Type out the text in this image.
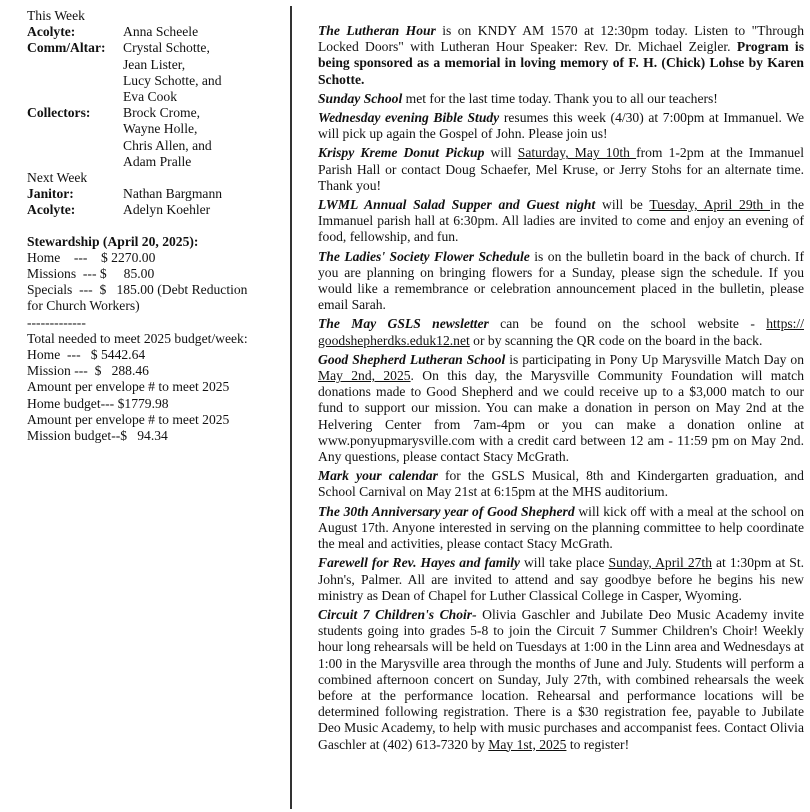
This Week
Acolyte:	Anna Scheele
Comm/Altar: Crystal Schotte,
Jean Lister,
Lucy Schotte, and
Eva Cook
Collectors: Brock Crome,
Wayne Holle,
Chris Allen, and
Adam Pralle
Next Week
Janitor:	Nathan Bargmann
Acolyte:	Adelyn Koehler
Stewardship (April 20, 2025):
Home    ---    $ 2270.00
Missions  --- $     85.00
Specials  ---  $   185.00 (Debt Reduction
for Church Workers)
-------------
Total needed to meet 2025 budget/week:
Home  ---   $ 5442.64
Mission ---  $   288.46
Amount per envelope # to meet 2025
Home budget--- $1779.98
Amount per envelope # to meet 2025
Mission budget--$   94.34
The Lutheran Hour is on KNDY AM 1570 at 12:30pm today. Listen to "Through Locked Doors" with Lutheran Hour Speaker: Rev. Dr. Michael Zeigler. Program is being sponsored as a memorial in loving memory of F. H. (Chick) Lohse by Karen Schotte.
Sunday School met for the last time today. Thank you to all our teachers!
Wednesday evening Bible Study resumes this week (4/30) at 7:00pm at Immanuel. We will pick up again the Gospel of John. Please join us!
Krispy Kreme Donut Pickup will Saturday, May 10th from 1-2pm at the Immanuel Parish Hall or contact Doug Schaefer, Mel Kruse, or Jerry Stohs for an alternate time. Thank you!
LWML Annual Salad Supper and Guest night will be Tuesday, April 29th in the Immanuel parish hall at 6:30pm. All ladies are invited to come and enjoy an evening of food, fellowship, and fun.
The Ladies' Society Flower Schedule is on the bulletin board in the back of church. If you are planning on bringing flowers for a Sunday, please sign the schedule. If you would like a remembrance or celebration announcement placed in the bulletin, please email Sarah.
The May GSLS newsletter can be found on the school website - https:// goodshepherdks.eduk12.net or by scanning the QR code on the board in the back.
Good Shepherd Lutheran School is participating in Pony Up Marysville Match Day on May 2nd, 2025. On this day, the Marysville Community Foundation will match donations made to Good Shepherd and we could receive up to a $3,000 match to our fund to support our mission. You can make a donation in person on May 2nd at the Helvering Center from 7am-4pm or you can make a donation online at www.ponyupmarysville.com with a credit card between 12 am - 11:59 pm on May 2nd. Any questions, please contact Stacy McGrath.
Mark your calendar for the GSLS Musical, 8th and Kindergarten graduation, and School Carnival on May 21st at 6:15pm at the MHS auditorium.
The 30th Anniversary year of Good Shepherd will kick off with a meal at the school on August 17th. Anyone interested in serving on the planning committee to help coordinate the meal and activities, please contact Stacy McGrath.
Farewell for Rev. Hayes and family will take place Sunday, April 27th at 1:30pm at St. John's, Palmer. All are invited to attend and say goodbye before he begins his new ministry as Dean of Chapel for Luther Classical College in Casper, Wyoming.
Circuit 7 Children's Choir- Olivia Gaschler and Jubilate Deo Music Academy invite students going into grades 5-8 to join the Circuit 7 Summer Children's Choir! Weekly hour long rehearsals will be held on Tuesdays at 1:00 in the Linn area and Wednesdays at 1:00 in the Marysville area through the months of June and July. Students will perform a combined afternoon concert on Sunday, July 27th, with combined rehearsals the week before at the performance location. Rehearsal and performance locations will be determined following registration. There is a $30 registration fee, payable to Jubilate Deo Music Academy, to help with music purchases and accompanist fees. Contact Olivia Gaschler at (402) 613-7320 by May 1st, 2025 to register!
